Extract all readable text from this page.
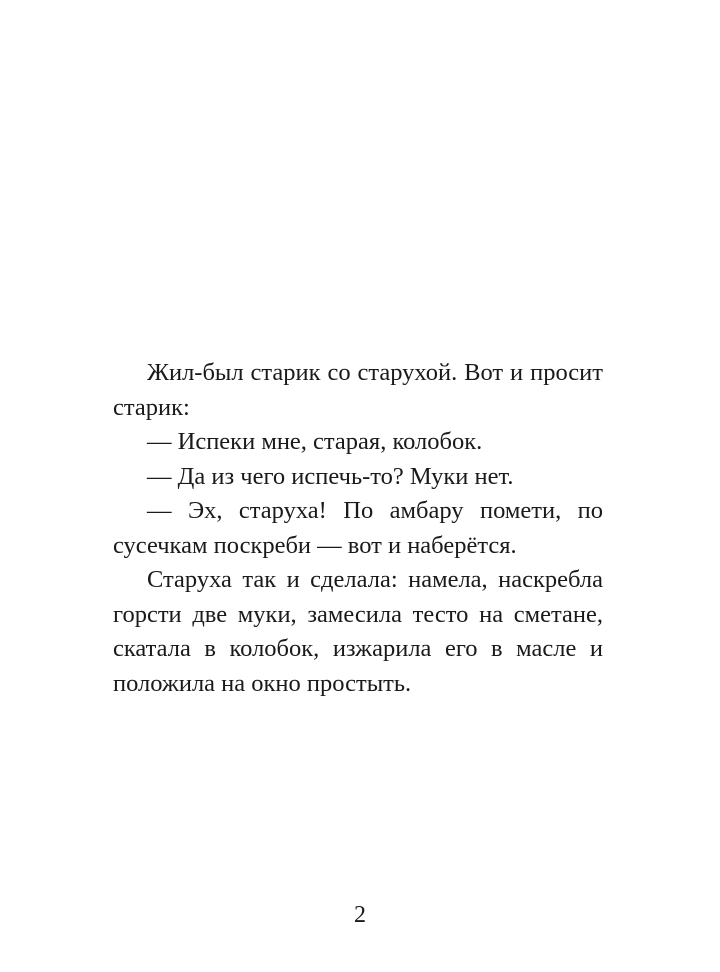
Жил-был старик со старухой. Вот и просит старик:

— Испеки мне, старая, колобок.

— Да из чего испечь-то? Муки нет.

— Эх, старуха! По амбару помети, по сусечкам поскреби — вот и наберётся.

Старуха так и сделала: намела, наскребла горсти две муки, замесила тесто на сметане, скатала в колобок, изжарила его в масле и положила на окно простыть.

2
